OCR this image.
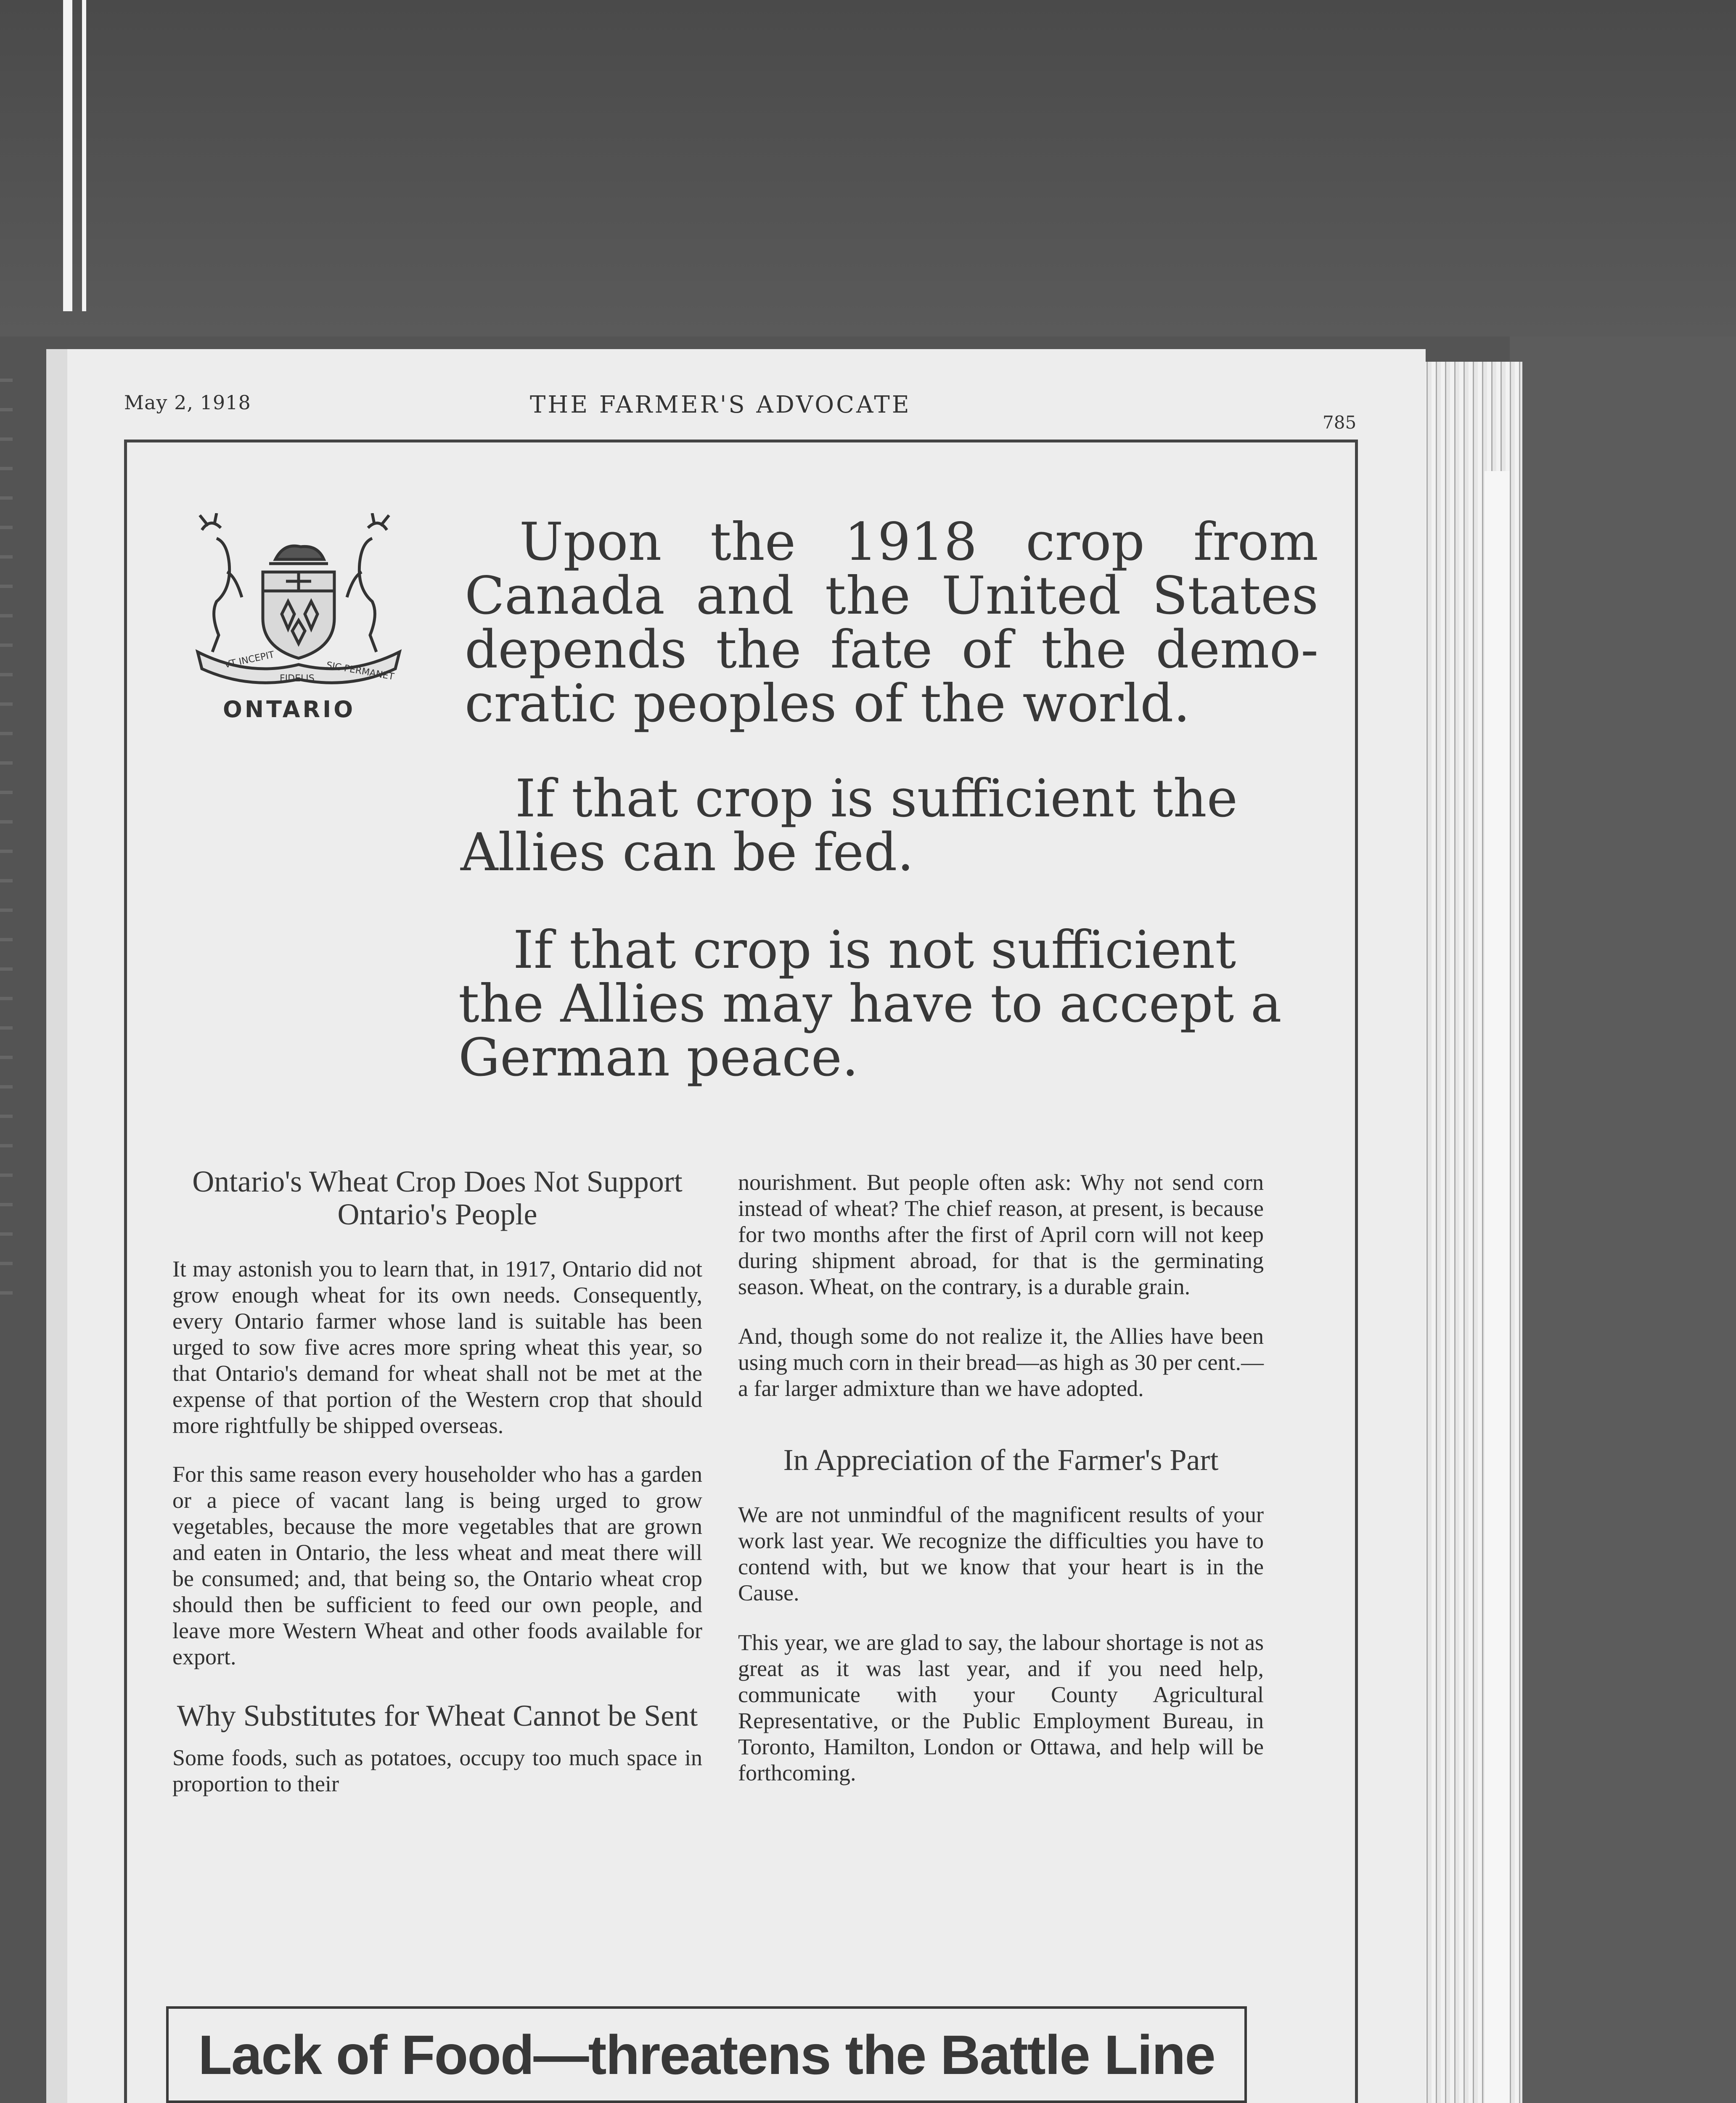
May 2, 1918	THE FARMER'S ADVOCATE
785
VT INCEPIT
FIDELIS SIC PERMANET
ONTARIO

Upon the 1918 crop from Canada and the United States depends the fate of the demo- cratic peoples of the world.

If that crop is sufficient the Allies can be fed.

If that crop is not sufficient the Allies may have to accept a German peace.

Ontario's Wheat Crop Does Not Support Ontario's People

It may astonish you to learn that, in 1917, Ontario did not grow enough wheat for its own needs. Consequently, every Ontario farmer whose land is suitable has been urged to sow five acres more spring wheat this year, so that Ontario's demand for wheat shall not be met at the expense of that portion of the Western crop that should more rightfully be shipped overseas.

For this same reason every householder who has a garden or a piece of vacant lang is being urged to grow vegetables, because the more vegetables that are grown and eaten in Ontario, the less wheat and meat there will be consumed; and, that being so, the Ontario wheat crop should then be sufficient to feed our own people, and leave more Western Wheat and other foods available for export.

Why Substitutes for Wheat Cannot be Sent

Some foods, such as potatoes, occupy too much space in proportion to their

nourishment. But people often ask: Why not send corn instead of wheat? The chief reason, at present, is because for two months after the first of April corn will not keep during shipment abroad, for that is the germinating season. Wheat, on the contrary, is a durable grain.

And, though some do not realize it, the Allies have been using much corn in their bread—as high as 30 per cent.—a far larger admixture than we have adopted.

In Appreciation of the Farmer's Part

We are not unmindful of the magnificent results of your work last year. We recognize the difficulties you have to contend with, but we know that your heart is in the Cause.

This year, we are glad to say, the labour shortage is not as great as it was last year, and if you need help, communicate with your County Agricultural Representative, or the Public Employment Bureau, in Toronto, Hamilton, London or Ottawa, and help will be forthcoming.

Lack of Food—threatens the Battle Line
